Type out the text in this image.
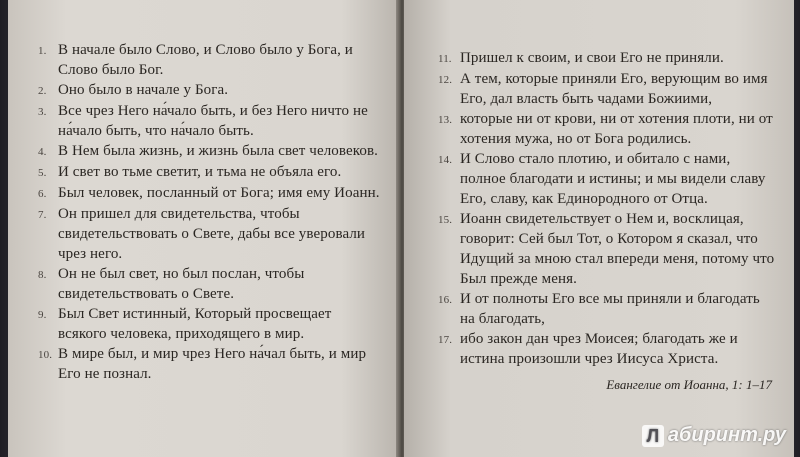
1. В начале было Слово, и Слово было у Бога, и Слово было Бог.
2. Оно было в начале у Бога.
3. Все чрез Него на́чало быть, и без Него ничто не на́чало быть, что на́чало быть.
4. В Нем была жизнь, и жизнь была свет человеков.
5. И свет во тьме светит, и тьма не объяла его.
6. Был человек, посланный от Бога; имя ему Иоанн.
7. Он пришел для свидетельства, чтобы свидетельствовать о Свете, дабы все уверовали чрез него.
8. Он не был свет, но был послан, чтобы свидетельствовать о Свете.
9. Был Свет истинный, Который просвещает всякого человека, приходящего в мир.
10. В мире был, и мир чрез Него на́чал быть, и мир Его не познал.
11. Пришел к своим, и свои Его не приняли.
12. А тем, которые приняли Его, верующим во имя Его, дал власть быть чадами Божиими,
13. которые ни от крови, ни от хотения плоти, ни от хотения мужа, но от Бога родились.
14. И Слово стало плотию, и обитало с нами, полное благодати и истины; и мы видели славу Его, славу, как Единородного от Отца.
15. Иоанн свидетельствует о Нем и, восклицая, говорит: Сей был Тот, о Котором я сказал, что Идущий за мною стал впереди меня, потому что Был прежде меня.
16. И от полноты Его все мы приняли и благодать на благодать,
17. ибо закон дан чрез Моисея; благодать же и истина произошли чрез Иисуса Христа.
Евангелие от Иоанна, 1: 1–17
Л абиринт.ру
